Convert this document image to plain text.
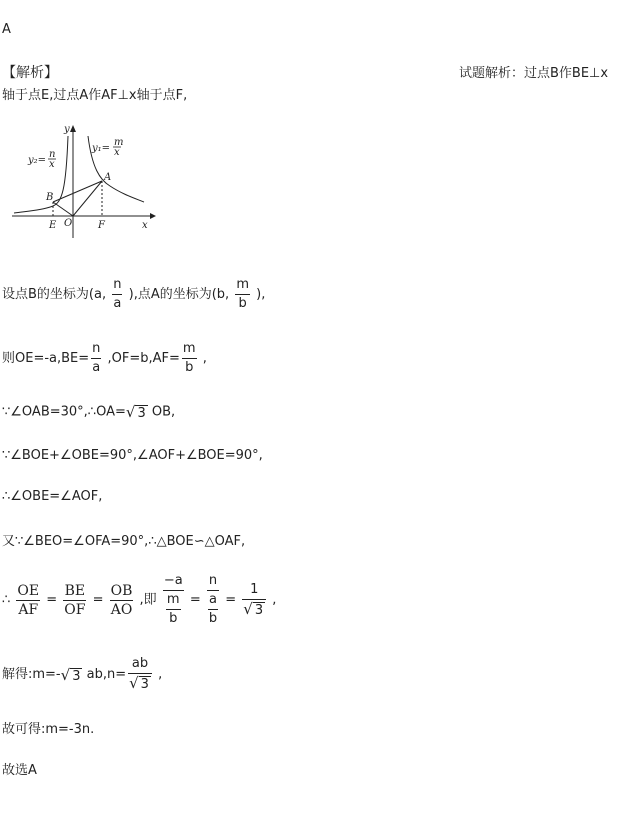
A
【解析】	试题解析：过点B作BE⊥x
轴于点E,过点A作AF⊥x轴于点F,
y
x
y₁=
m
x
y₂=
n
x
A
B
E O	F
设点B的坐标为(a, $\frac{n}{a}$ ),点A的坐标为(b, $\frac{m}{b}$ ),
则$OE=-a,BE= \frac{n}{a} ,OF=b,AF= \frac{m}{b}$ ,
∵∠OAB=30°,∴OA=√ 3 OB,
∵∠BOE+∠OBE=90°,∠AOF+∠BOE=90°,
∴∠OBE=∠AOF,
又∵∠BEO=∠OFA=90°,∴△BOE∽△OAF,
∴ $\frac{OE}{AF} = \frac{BE}{OF} = \frac{OB}{AO}$ ,即 $\frac{-a}{\frac{m}{b}} = \frac{n}{\frac{a}{b}} = \frac{1}{√ 3}$ ,
解得:m=-√ 3 $ab,n= \frac{ab}{√ 3}$ ,
故可得:m=-3n.
故选A
